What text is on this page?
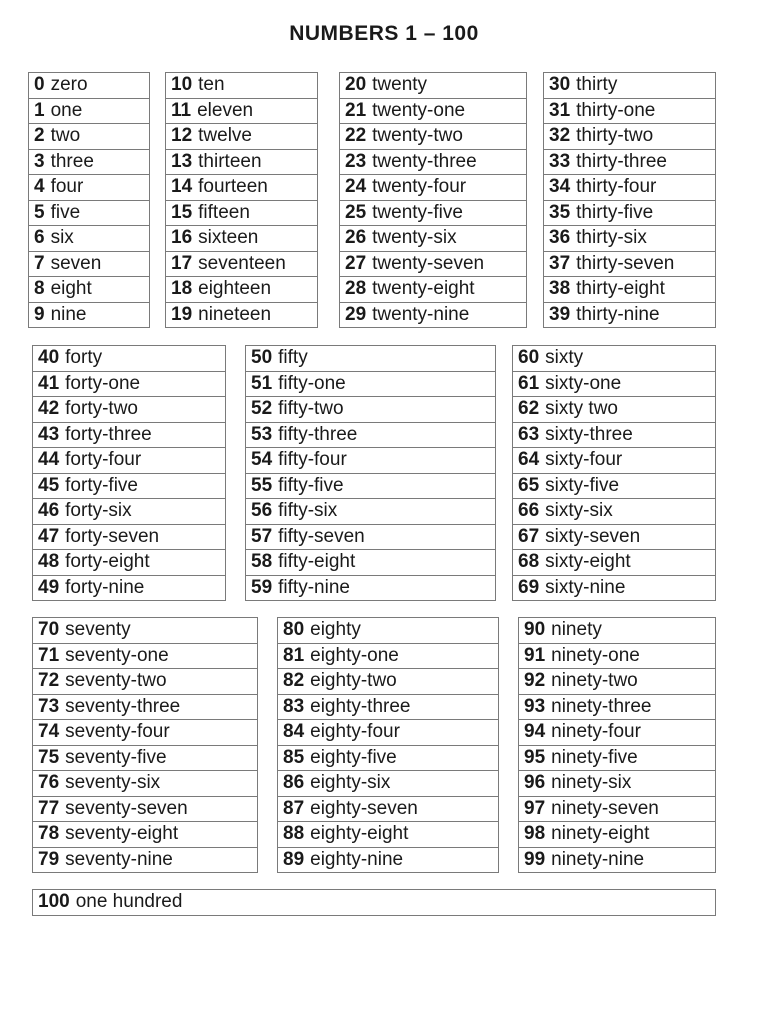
NUMBERS 1 – 100
0 zero
1 one
2 two
3 three
4 four
5 five
6 six
7 seven
8 eight
9 nine
10 ten
11 eleven
12 twelve
13 thirteen
14 fourteen
15 fifteen
16 sixteen
17 seventeen
18 eighteen
19 nineteen
20 twenty
21 twenty-one
22 twenty-two
23 twenty-three
24 twenty-four
25 twenty-five
26 twenty-six
27 twenty-seven
28 twenty-eight
29 twenty-nine
30 thirty
31 thirty-one
32 thirty-two
33 thirty-three
34 thirty-four
35 thirty-five
36 thirty-six
37 thirty-seven
38 thirty-eight
39 thirty-nine
40 forty
41 forty-one
42 forty-two
43 forty-three
44 forty-four
45 forty-five
46 forty-six
47 forty-seven
48 forty-eight
49 forty-nine
50 fifty
51 fifty-one
52 fifty-two
53 fifty-three
54 fifty-four
55 fifty-five
56 fifty-six
57 fifty-seven
58 fifty-eight
59 fifty-nine
60 sixty
61 sixty-one
62 sixty two
63 sixty-three
64 sixty-four
65 sixty-five
66 sixty-six
67 sixty-seven
68 sixty-eight
69 sixty-nine
70 seventy
71 seventy-one
72 seventy-two
73 seventy-three
74 seventy-four
75 seventy-five
76 seventy-six
77 seventy-seven
78 seventy-eight
79 seventy-nine
80 eighty
81 eighty-one
82 eighty-two
83 eighty-three
84 eighty-four
85 eighty-five
86 eighty-six
87 eighty-seven
88 eighty-eight
89 eighty-nine
90 ninety
91 ninety-one
92 ninety-two
93 ninety-three
94 ninety-four
95 ninety-five
96 ninety-six
97 ninety-seven
98 ninety-eight
99 ninety-nine
100 one hundred
